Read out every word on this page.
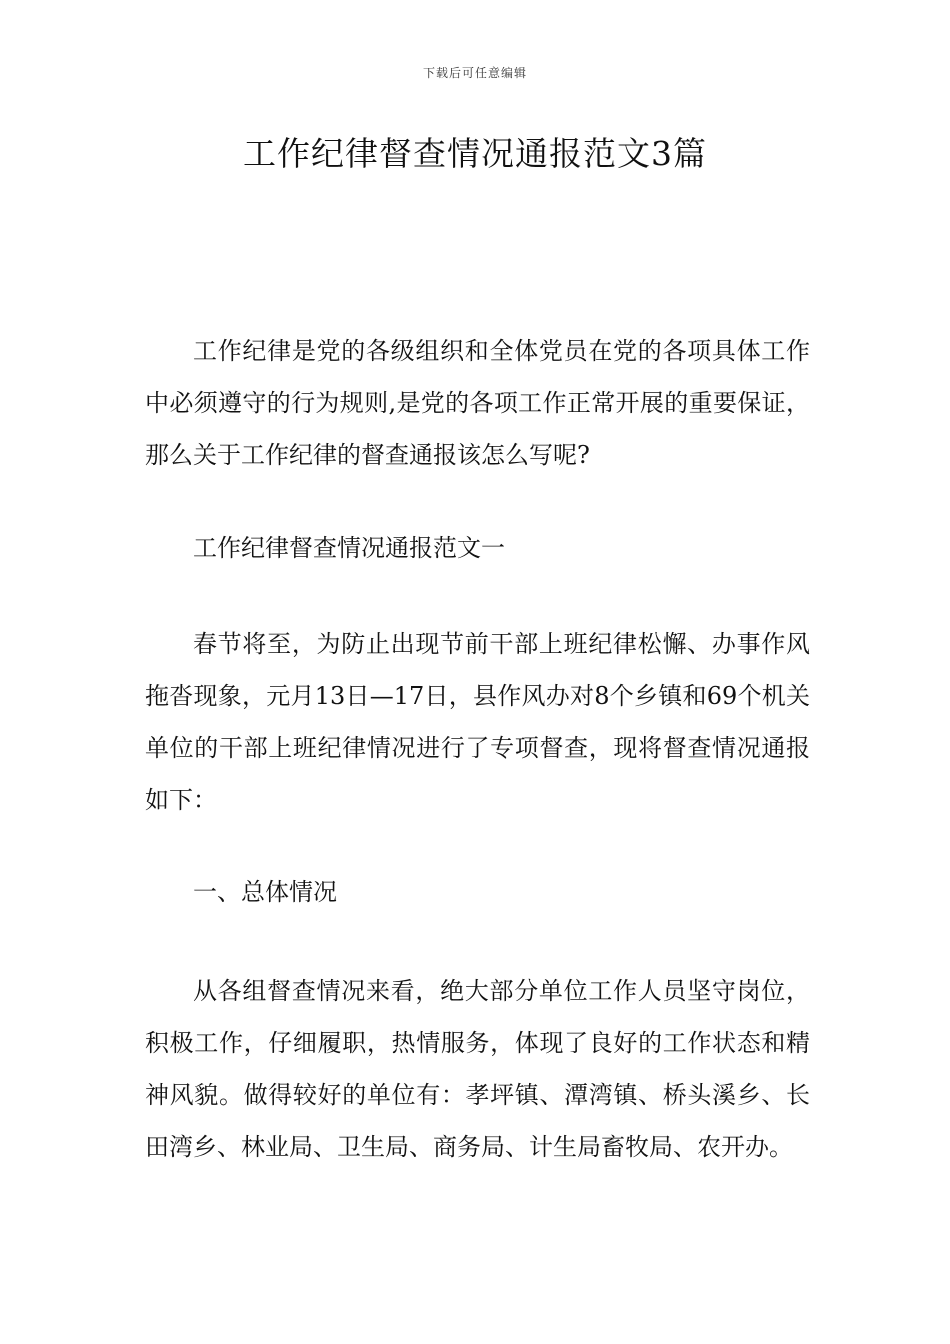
下载后可任意编辑
工作纪律督查情况通报范文3篇

工作纪律是党的各级组织和全体党员在党的各项具体工作中必须遵守的行为规则,是党的各项工作正常开展的重要保证，那么关于工作纪律的督查通报该怎么写呢?

工作纪律督查情况通报范文一

春节将至，为防止出现节前干部上班纪律松懈、办事作风拖沓现象，元月13日—17日，县作风办对8个乡镇和69个机关单位的干部上班纪律情况进行了专项督查，现将督查情况通报如下：

一、总体情况

从各组督查情况来看，绝大部分单位工作人员坚守岗位，积极工作，仔细履职，热情服务，体现了良好的工作状态和精神风貌。做得较好的单位有：孝坪镇、潭湾镇、桥头溪乡、长田湾乡、林业局、卫生局、商务局、计生局畜牧局、农开办。
